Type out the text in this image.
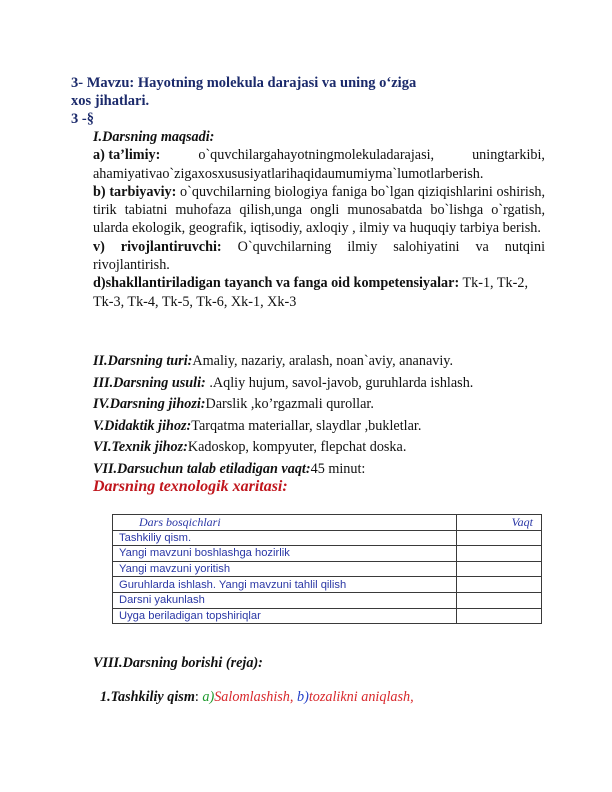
3- Mavzu: Hayotning molekula darajasi va uning o‘ziga
xos jihatlari.
3 -§
I.Darsning maqsadi:
a) ta’limiy:	o`quvchilargahayotningmolekuladarajasi,	uningtarkibi,
ahamiyativao`zigaxosxususiyatlarihaqidaumumiyma`lumotlarberish.
b) tarbiyaviy: o`quvchilarning biologiya faniga bo`lgan qiziqishlarini oshirish, tirik tabiatni muhofaza qilish,unga ongli munosabatda bo`lishga o`rgatish, ularda ekologik, geografik, iqtisodiy, axloqiy , ilmiy va huquqiy tarbiya berish.
v) rivojlantiruvchi: O`quvchilarning ilmiy salohiyatini va nutqini rivojlantirish.
d)shakllantiriladigan tayanch va fanga oid kompetensiyalar: Tk-1, Tk-2, Tk-3, Tk-4, Tk-5, Tk-6, Xk-1, Xk-3
II.Darsning turi:Amaliy, nazariy, aralash, noan`aviy, ananaviy.
III.Darsning usuli: .Aqliy hujum, savol-javob, guruhlarda ishlash.
IV.Darsning jihozi:Darslik ,ko’rgazmali qurollar.
V.Didaktik jihoz:Tarqatma materiallar, slaydlar ,bukletlar.
VI.Texnik jihoz:Kadoskop, kompyuter, flepchat doska.
VII.Darsuchun talab etiladigan vaqt:45 minut:
Darsning texnologik xaritasi:
Dars bosqichlari	Vaqt
Tashkiliy qism.	
Yangi mavzuni boshlashga hozirlik	
Yangi mavzuni yoritish	
Guruhlarda ishlash. Yangi mavzuni tahlil qilish	
Darsni yakunlash	
Uyga beriladigan topshiriqlar	
VIII.Darsning borishi (reja):
1.Tashkiliy qism: a)Salomlashish, b)tozalikni aniqlash,
